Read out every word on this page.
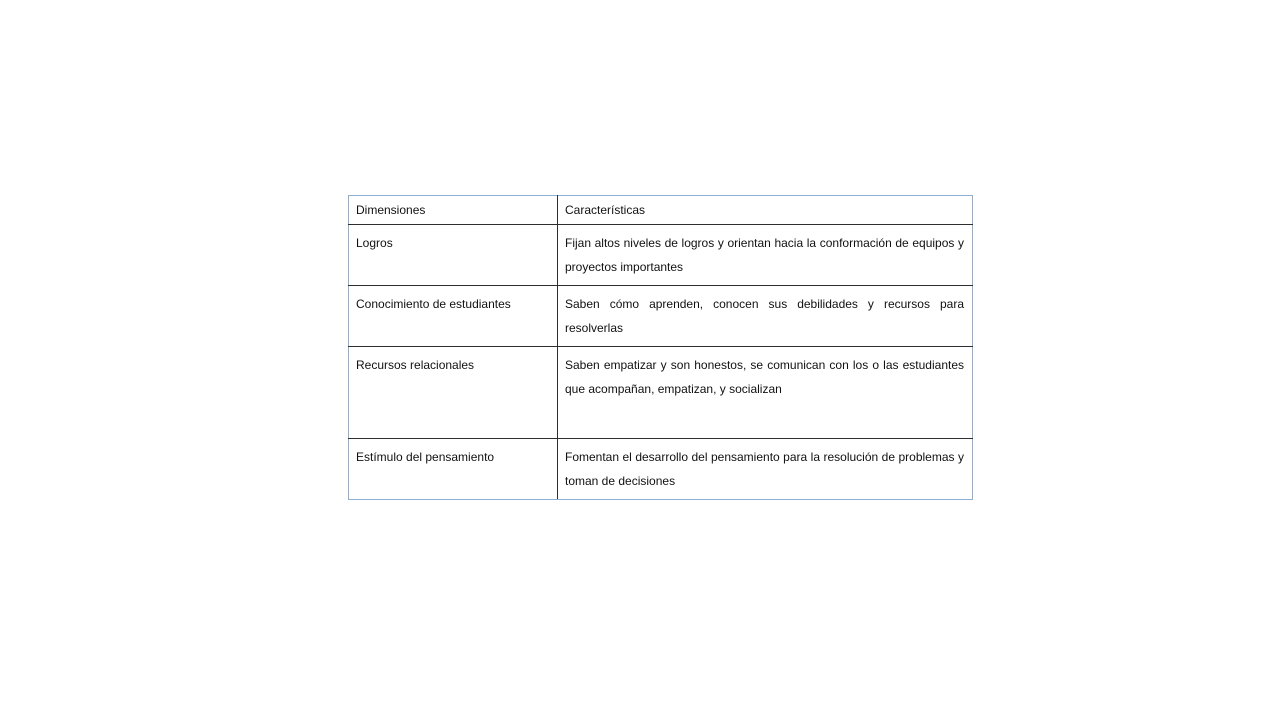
Dimensiones	Características
Logros	Fijan altos niveles de logros y orientan hacia la conformación de equipos y proyectos importantes
Conocimiento de estudiantes	Saben cómo aprenden, conocen sus debilidades y recursos para resolverlas
Recursos relacionales	Saben empatizar y son honestos, se comunican con los o las estudiantes que acompañan, empatizan, y socializan
Estímulo del pensamiento	Fomentan el desarrollo del pensamiento para la resolución de problemas y toman de decisiones
